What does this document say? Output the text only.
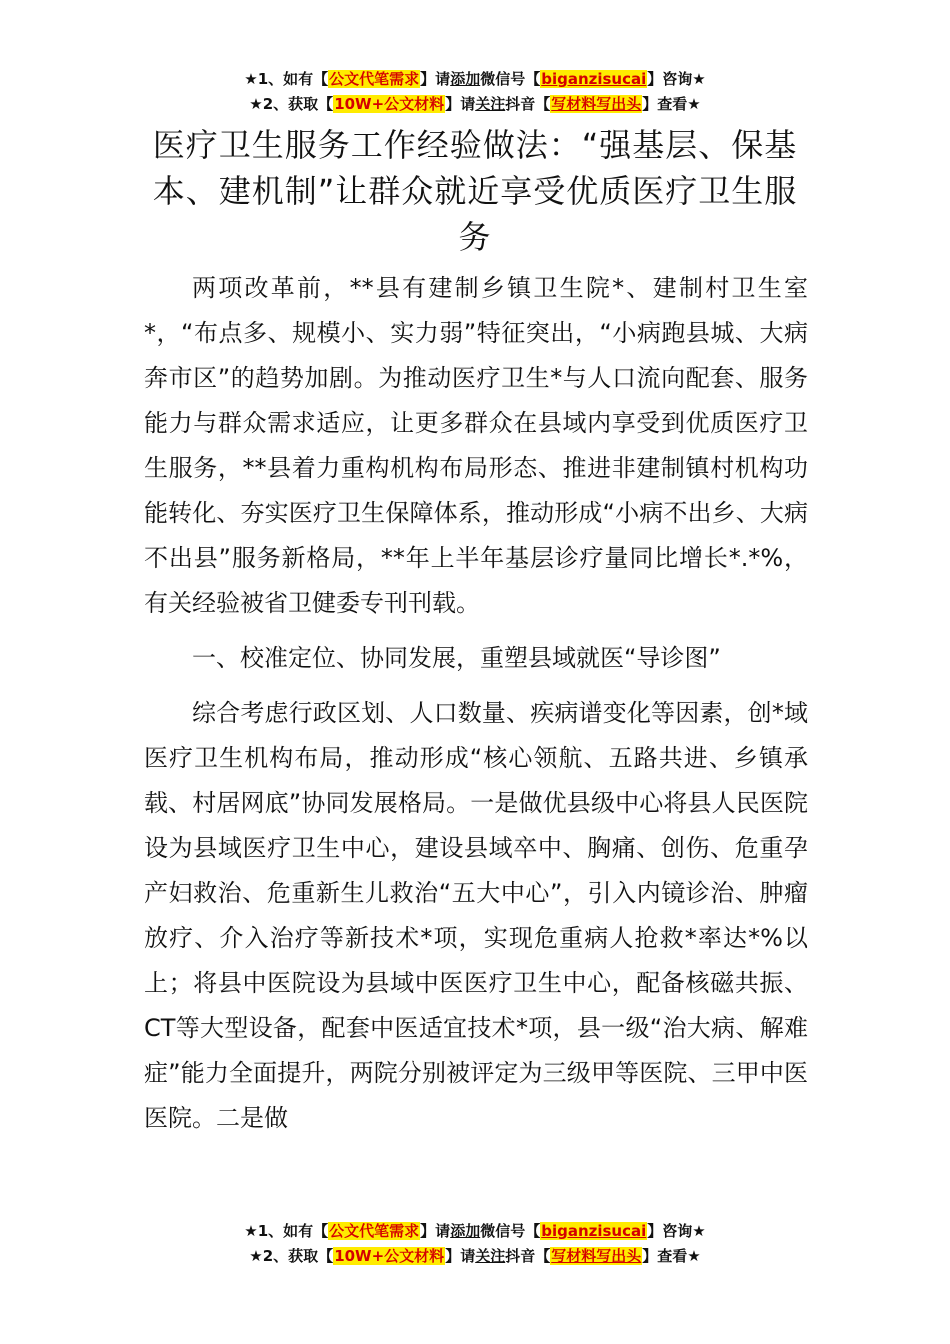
★1、如有【公文代笔需求】请添加微信号【biganzisucai】咨询★
★2、获取【10W+公文材料】请关注抖音【写材料写出头】查看★
医疗卫生服务工作经验做法：“强基层、保基本、建机制”让群众就近享受优质医疗卫生服务

两项改革前，**县有建制乡镇卫生院*、建制村卫生室*，“布点多、规模小、实力弱”特征突出，“小病跑县城、大病奔市区”的趋势加剧。为推动医疗卫生*与人口流向配套、服务能力与群众需求适应，让更多群众在县域内享受到优质医疗卫生服务，**县着力重构机构布局形态、推进非建制镇村机构功能转化、夯实医疗卫生保障体系，推动形成“小病不出乡、大病不出县”服务新格局，**年上半年基层诊疗量同比增长*.*%，有关经验被省卫健委专刊刊载。

一、校准定位、协同发展，重塑县域就医“导诊图”

综合考虑行政区划、人口数量、疾病谱变化等因素，创*域医疗卫生机构布局，推动形成“核心领航、五路共进、乡镇承载、村居网底”协同发展格局。一是做优县级中心将县人民医院设为县域医疗卫生中心，建设县域卒中、胸痛、创伤、危重孕产妇救治、危重新生儿救治“五大中心”，引入内镜诊治、肿瘤放疗、介入治疗等新技术*项，实现危重病人抢救*率达*%以上；将县中医院设为县域中医医疗卫生中心，配备核磁共振、CT等大型设备，配套中医适宜技术*项，县一级“治大病、解难症”能力全面提升，两院分别被评定为三级甲等医院、三甲中医医院。二是做

★1、如有【公文代笔需求】请添加微信号【biganzisucai】咨询★
★2、获取【10W+公文材料】请关注抖音【写材料写出头】查看★
